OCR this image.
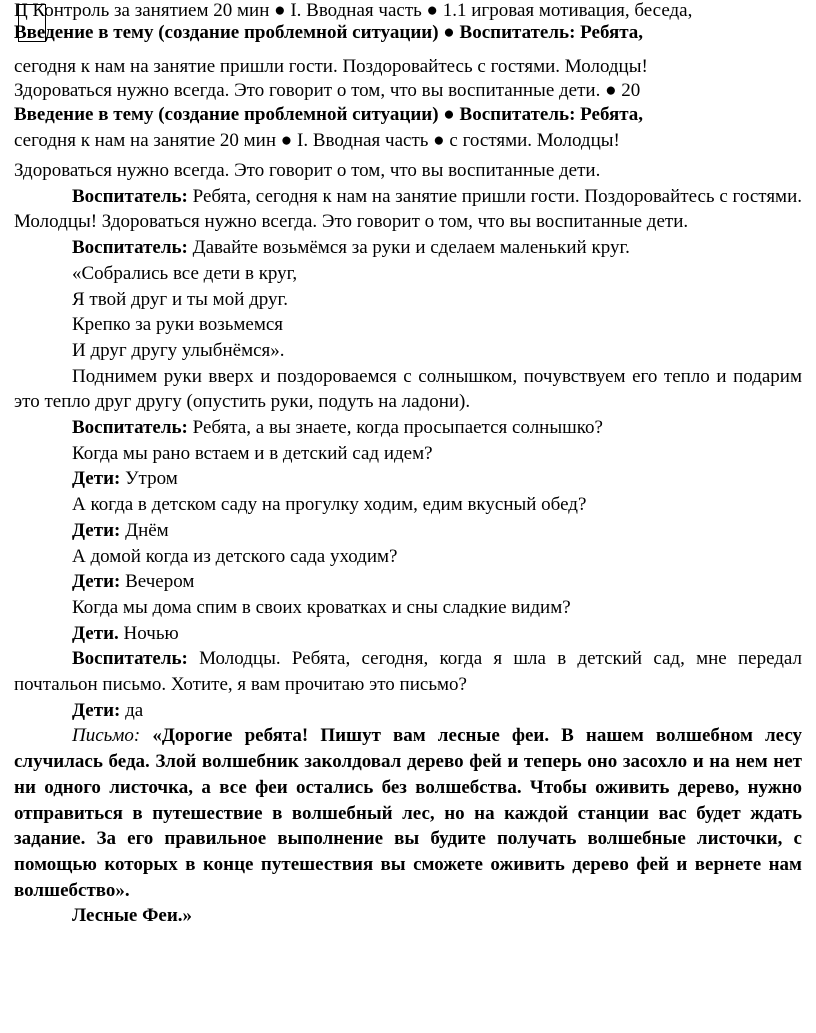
Ц Контроль за занятием 20 мин ● I. Вводная часть ● 1.1 игровая мотивация, беседа,
Введение в тему (создание проблемной ситуации) ● Воспитатель: Ребята,
сегодня к нам на занятие пришли гости. Поздоровайтесь с гостями. Молодцы!
Здороваться нужно всегда. Это говорит о том, что вы воспитанные дети. ● 20
Введение в тему (создание проблемной ситуации) ● Воспитатель: Ребята,
сегодня к нам на занятие 20 мин ● I. Вводная часть ● с гостями. Молодцы!

Здороваться нужно всегда. Это говорит о том, что вы воспитанные дети.

Воспитатель: Ребята, сегодня к нам на занятие пришли гости. Поздоровайтесь с гостями. Молодцы! Здороваться нужно всегда. Это говорит о том, что вы воспитанные дети.

Воспитатель: Давайте возьмёмся за руки и сделаем маленький круг.

«Собрались все дети в круг,

Я твой друг и ты мой друг.

Крепко за руки возьмемся

И друг другу улыбнёмся».

Поднимем руки вверх и поздороваемся с солнышком, почувствуем его тепло и подарим это тепло друг другу (опустить руки, подуть на ладони).

Воспитатель: Ребята, а вы знаете, когда просыпается солнышко?

Когда мы рано встаем и в детский сад идем?

Дети: Утром

А когда в детском саду на прогулку ходим, едим вкусный обед?

Дети: Днём

А домой когда из детского сада уходим?

Дети: Вечером

Когда мы дома спим в своих кроватках и сны сладкие видим?

Дети. Ночью

Воспитатель: Молодцы. Ребята, сегодня, когда я шла в детский сад, мне передал почтальон письмо. Хотите, я вам прочитаю это письмо?

Дети: да

Письмо: «Дорогие ребята! Пишут вам лесные феи. В нашем волшебном лесу случилась беда. Злой волшебник заколдовал дерево фей и теперь оно засохло и на нем нет ни одного листочка, а все феи остались без волшебства. Чтобы оживить дерево, нужно отправиться в путешествие в волшебный лес, но на каждой станции вас будет ждать задание. За его правильное выполнение вы будите получать волшебные листочки, с помощью которых в конце путешествия вы сможете оживить дерево фей и вернете нам волшебство».

Лесные Феи.»
